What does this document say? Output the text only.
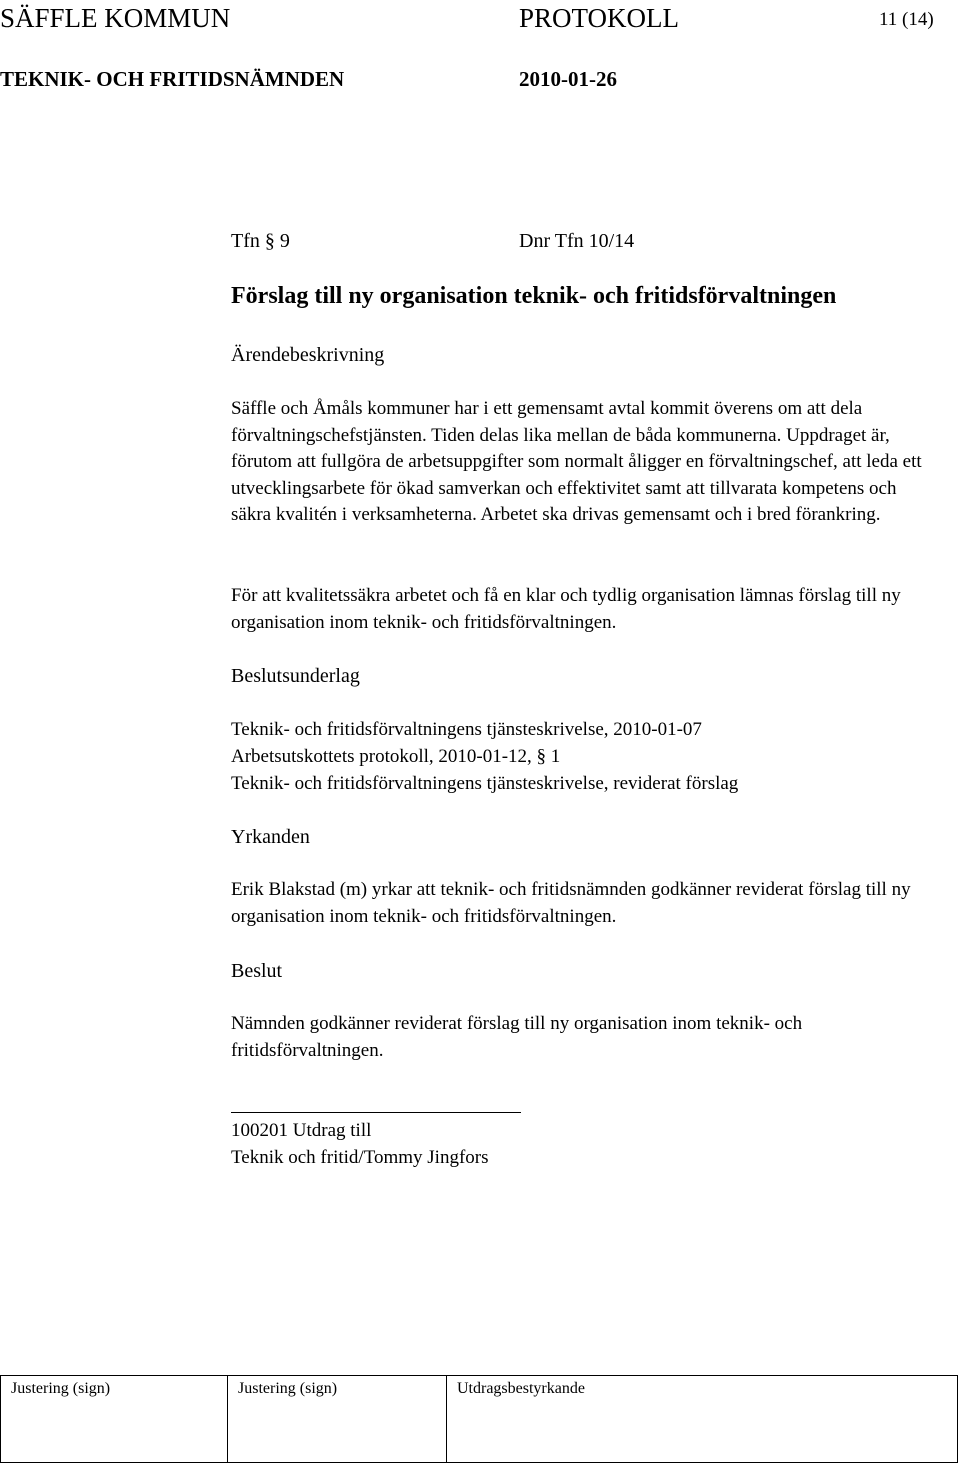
SÄFFLE KOMMUN	PROTOKOLL	11 (14)
TEKNIK- OCH FRITIDSNÄMNDEN	2010-01-26
Tfn § 9	Dnr Tfn 10/14
Förslag till ny organisation teknik- och fritidsförvaltningen
Ärendebeskrivning
Säffle och Åmåls kommuner har i ett gemensamt avtal kommit överens om att dela förvaltningschefstjänsten. Tiden delas lika mellan de båda kommunerna. Uppdraget är, förutom att fullgöra de arbetsuppgifter som normalt åligger en förvaltningschef, att leda ett utvecklingsarbete för ökad samverkan och effektivitet samt att tillvarata kompetens och säkra kvalitén i verksamheterna. Arbetet ska drivas gemensamt och i bred förankring.
För att kvalitetssäkra arbetet och få en klar och tydlig organisation lämnas förslag till ny organisation inom teknik- och fritidsförvaltningen.
Beslutsunderlag
Teknik- och fritidsförvaltningens tjänsteskrivelse, 2010-01-07
Arbetsutskottets protokoll, 2010-01-12, § 1
Teknik- och fritidsförvaltningens tjänsteskrivelse, reviderat förslag
Yrkanden
Erik Blakstad (m) yrkar att teknik- och fritidsnämnden godkänner reviderat förslag till ny organisation inom teknik- och fritidsförvaltningen.
Beslut
Nämnden godkänner reviderat förslag till ny organisation inom teknik- och fritidsförvaltningen.
100201 Utdrag till
Teknik och fritid/Tommy Jingfors
Justering (sign)	Justering (sign)	Utdragsbestyrkande
